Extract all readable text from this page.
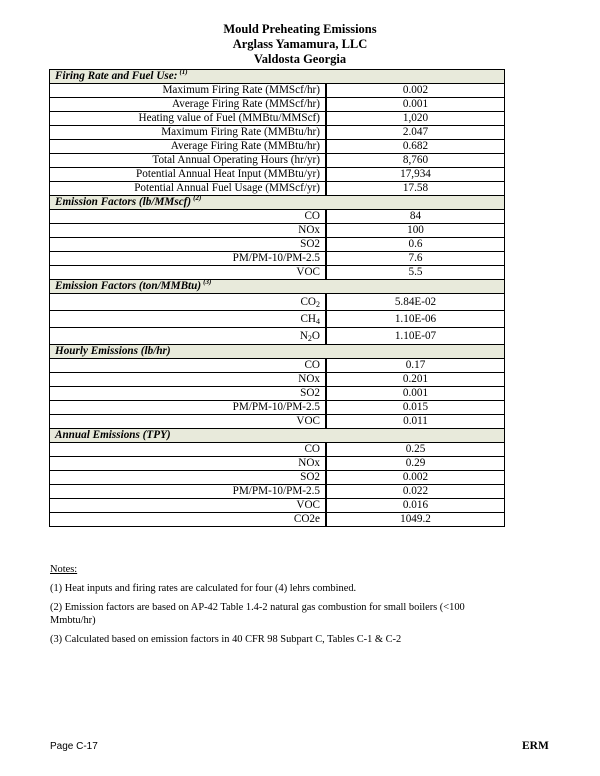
Mould Preheating Emissions
Arglass Yamamura, LLC
Valdosta Georgia
Firing Rate and Fuel Use: $^{(1)}$
Maximum Firing Rate (MMScf/hr)	0.002
Average Firing Rate (MMScf/hr)	0.001
Heating value of Fuel (MMBtu/MMScf)	1,020
Maximum Firing Rate (MMBtu/hr)	2.047
Average Firing Rate (MMBtu/hr)	0.682
Total Annual Operating Hours (hr/yr)	8,760
Potential Annual Heat Input (MMBtu/yr)	17,934
Potential Annual Fuel Usage (MMScf/yr)	17.58
Emission Factors (lb/MMscf) $^{(2)}$
CO	84
NOx	100
SO2	0.6
PM/PM-10/PM-2.5	7.6
VOC	5.5
Emission Factors (ton/MMBtu) $^{(3)}$
$CO_2$	5.84E-02
$CH_4$	1.10E-06
$N_2O$	1.10E-07
Hourly Emissions (lb/hr)	
CO	0.17
NOx	0.201
SO2	0.001
PM/PM-10/PM-2.5	0.015
VOC	0.011
Annual Emissions (TPY)	
CO	0.25
NOx	0.29
SO2	0.002
PM/PM-10/PM-2.5	0.022
VOC	0.016
CO2e	1049.2
Notes:

(1) Heat inputs and firing rates are calculated for four (4) lehrs combined.

(2) Emission factors are based on AP-42 Table 1.4-2 natural gas combustion for small boilers (<100 Mmbtu/hr)

(3) Calculated based on emission factors in 40 CFR 98 Subpart C, Tables C-1 & C-2

Page C-17	ERM
